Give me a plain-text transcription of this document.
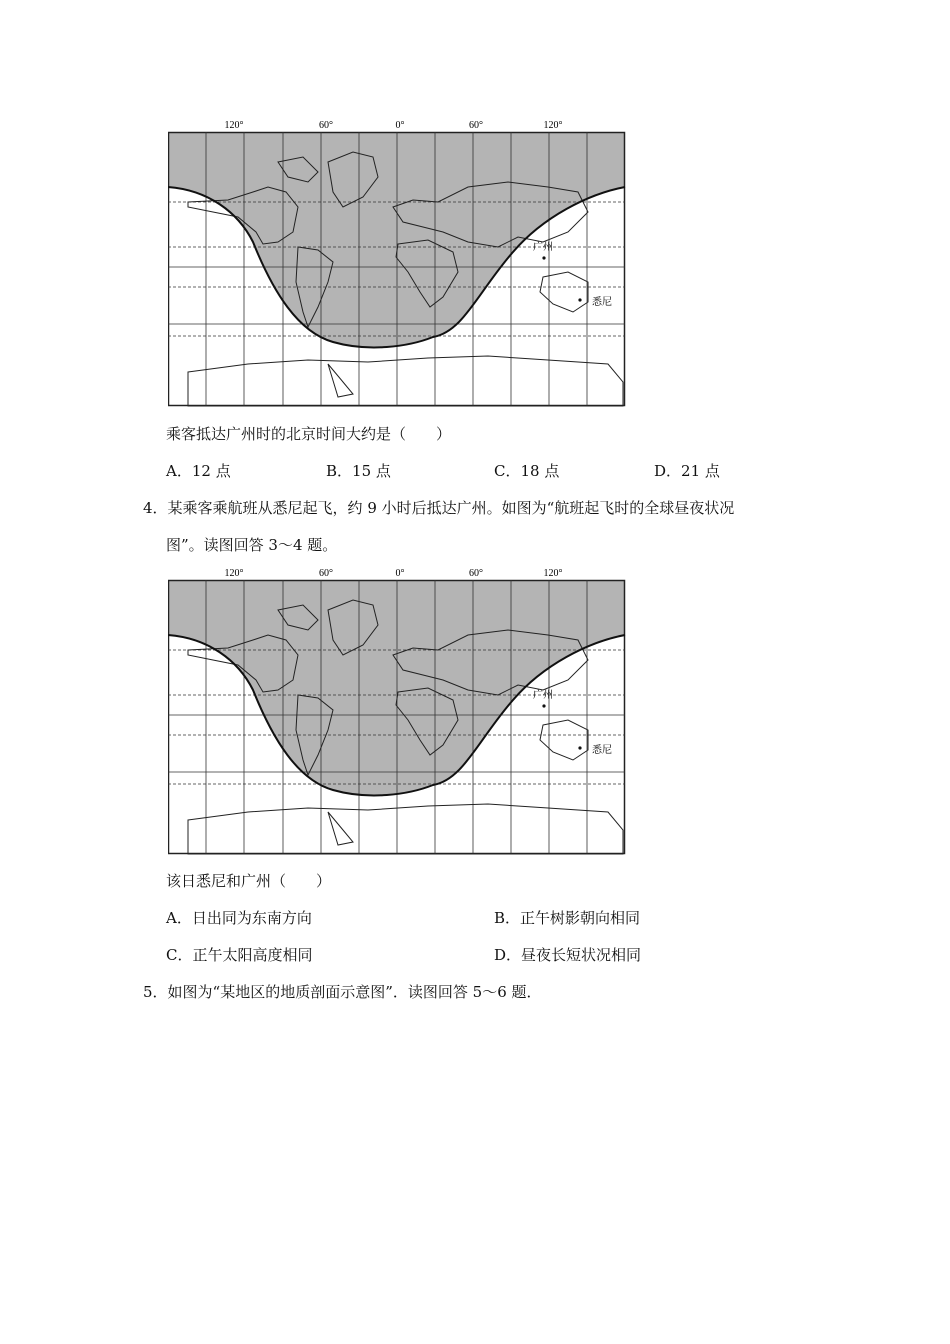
120°	60°	0°	60°	120°
广州
悉尼
乘客抵达广州时的北京时间大约是（　　）
A．12 点	B．15 点	C．18 点	D．21 点
4．某乘客乘航班从悉尼起飞，约 9 小时后抵达广州。如图为“航班起飞时的全球昼夜状况
图”。读图回答 3～4 题。
120°	60°	0°	60°	120°
广州
悉尼
该日悉尼和广州（　　）
A．日出同为东南方向	B．正午树影朝向相同
C．正午太阳高度相同	D．昼夜长短状况相同
5．如图为“某地区的地质剖面示意图”．读图回答 5～6 题．
